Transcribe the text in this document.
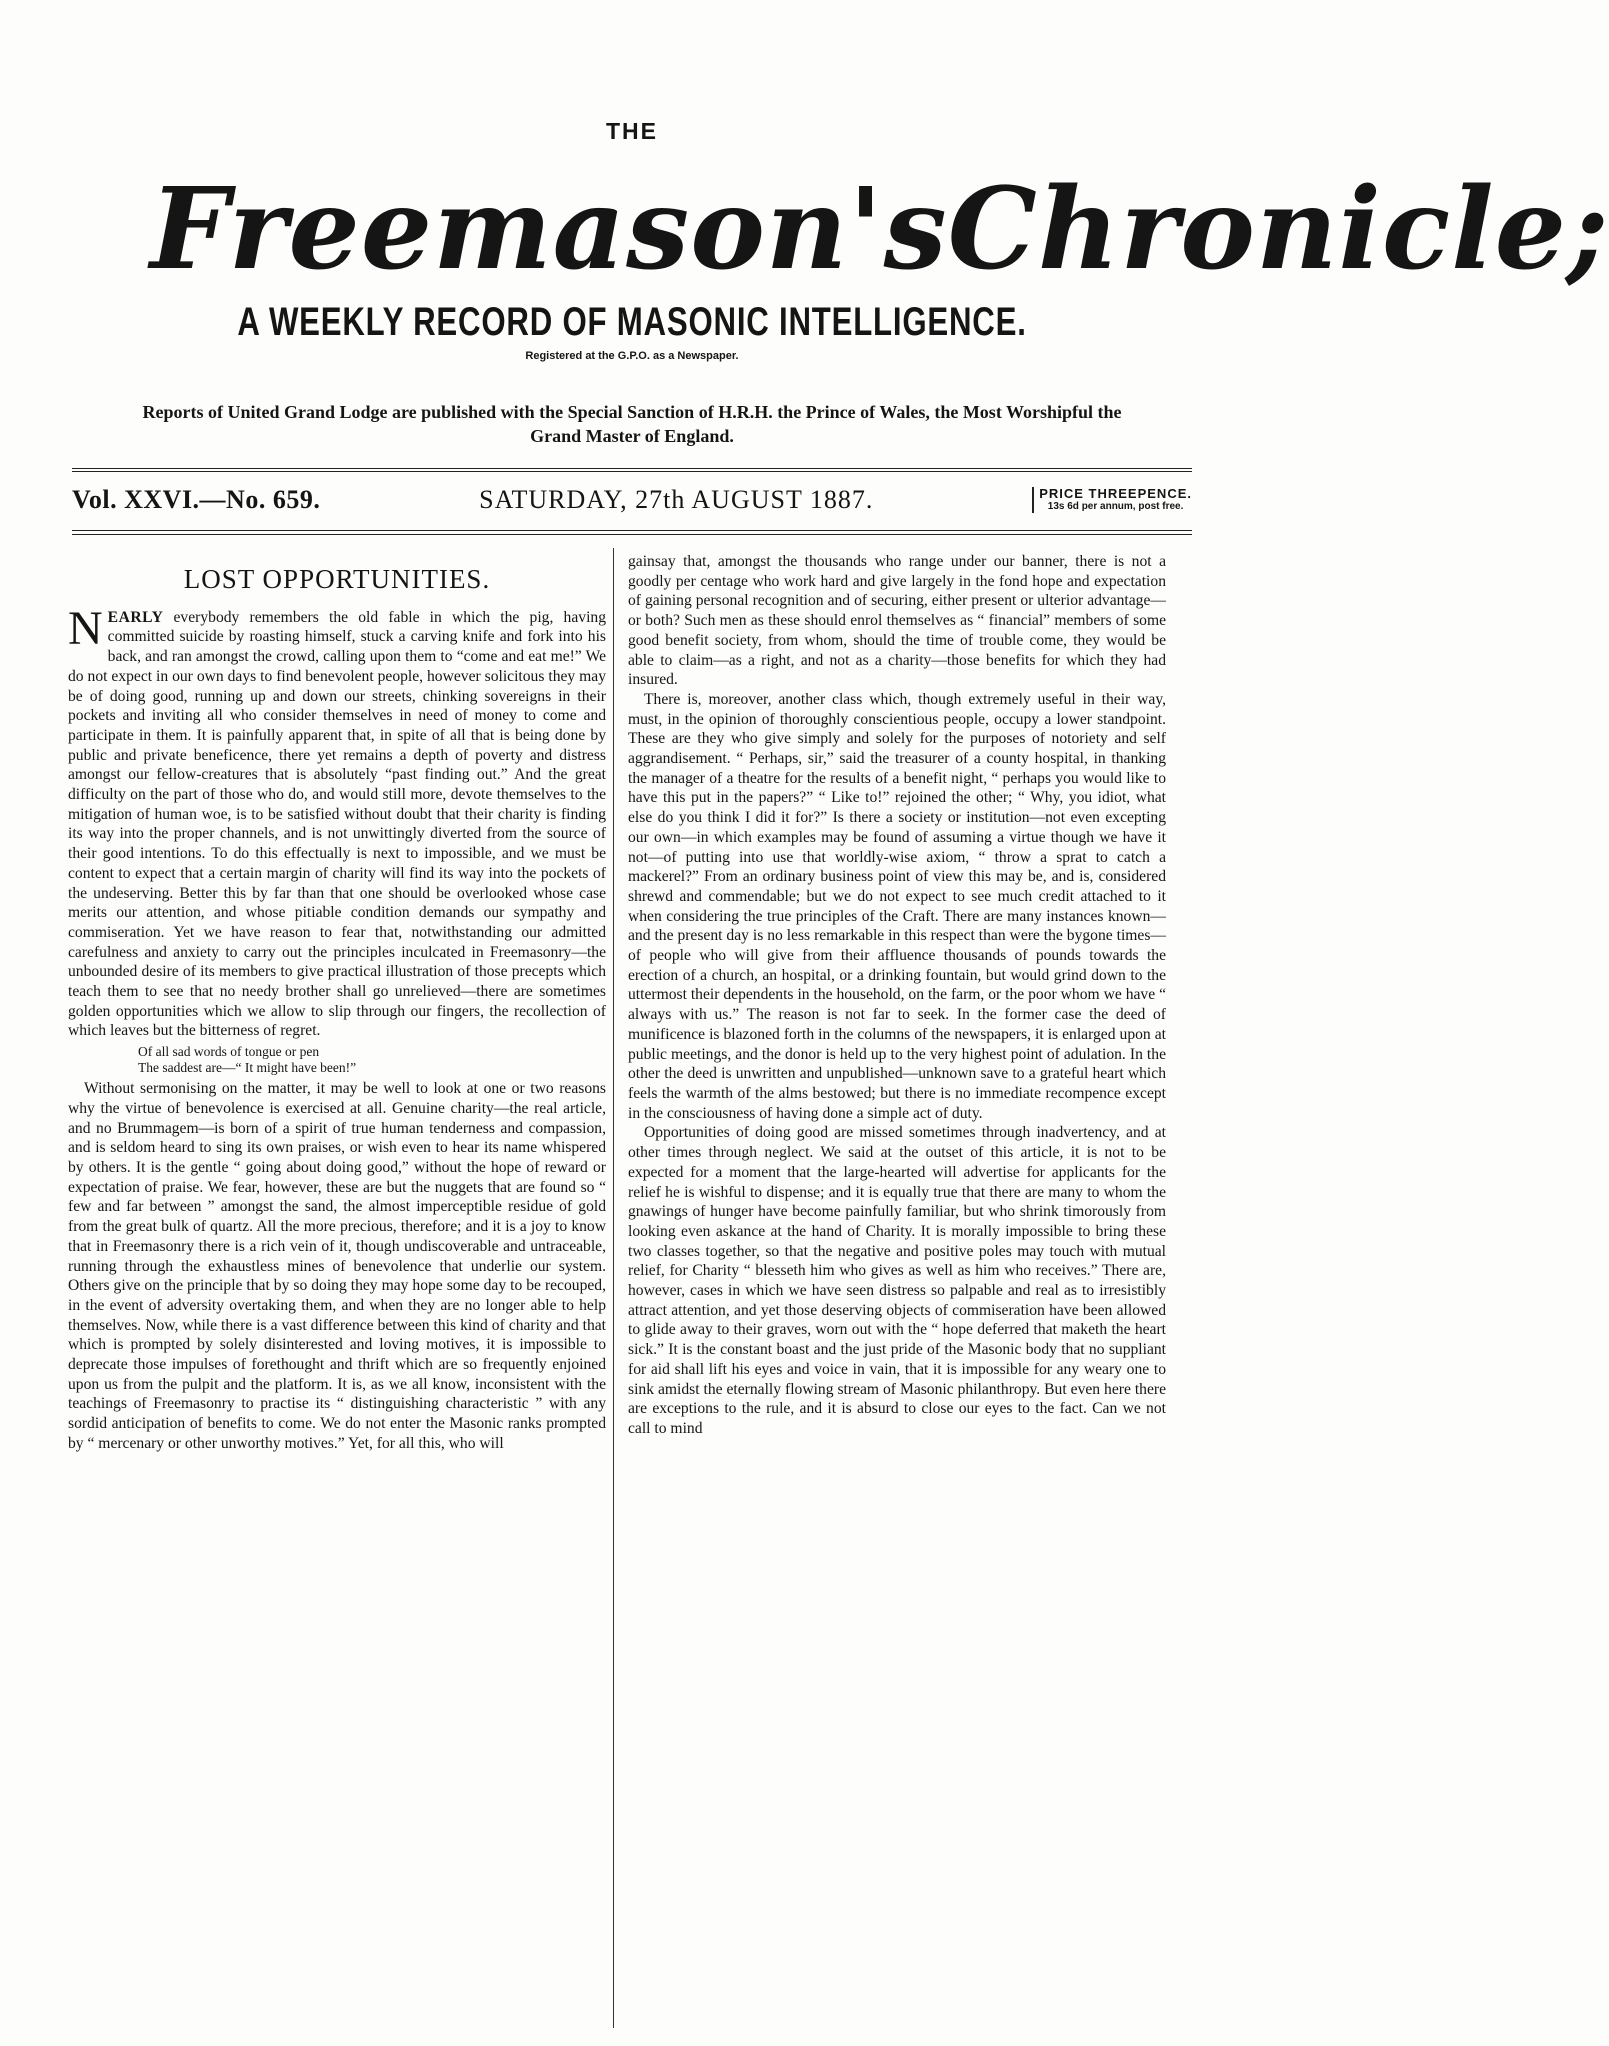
THE
Freemason's Chronicle;
A WEEKLY RECORD OF MASONIC INTELLIGENCE.
Registered at the G.P.O. as a Newspaper.
Reports of United Grand Lodge are published with the Special Sanction of H.R.H. the Prince of Wales, the Most Worshipful the Grand Master of England.
Vol. XXVI.—No. 659.	SATURDAY, 27th AUGUST 1887.	PRICE THREEPENCE.
13s 6d per annum, post free.
LOST OPPORTUNITIES.

NEARLY everybody remembers the old fable in which the pig, having committed suicide by roasting himself, stuck a carving knife and fork into his back, and ran amongst the crowd, calling upon them to “come and eat me!” We do not expect in our own days to find benevolent people, however solicitous they may be of doing good, running up and down our streets, chinking sovereigns in their pockets and inviting all who consider themselves in need of money to come and participate in them. It is painfully apparent that, in spite of all that is being done by public and private beneficence, there yet remains a depth of poverty and distress amongst our fellow-creatures that is absolutely “past finding out.” And the great difficulty on the part of those who do, and would still more, devote themselves to the mitigation of human woe, is to be satisfied without doubt that their charity is finding its way into the proper channels, and is not unwittingly diverted from the source of their good intentions. To do this effectually is next to impossible, and we must be content to expect that a certain margin of charity will find its way into the pockets of the undeserving. Better this by far than that one should be overlooked whose case merits our attention, and whose pitiable condition demands our sympathy and commiseration. Yet we have reason to fear that, notwithstanding our admitted carefulness and anxiety to carry out the principles inculcated in Freemasonry—the unbounded desire of its members to give practical illustration of those precepts which teach them to see that no needy brother shall go unrelieved—there are sometimes golden opportunities which we allow to slip through our fingers, the recollection of which leaves but the bitterness of regret.

Of all sad words of tongue or pen
The saddest are—“ It might have been!”

Without sermonising on the matter, it may be well to look at one or two reasons why the virtue of benevolence is exercised at all. Genuine charity—the real article, and no Brummagem—is born of a spirit of true human tenderness and compassion, and is seldom heard to sing its own praises, or wish even to hear its name whispered by others. It is the gentle “ going about doing good,” without the hope of reward or expectation of praise. We fear, however, these are but the nuggets that are found so “ few and far between ” amongst the sand, the almost imperceptible residue of gold from the great bulk of quartz. All the more precious, therefore; and it is a joy to know that in Freemasonry there is a rich vein of it, though undiscoverable and untraceable, running through the exhaustless mines of benevolence that underlie our system. Others give on the principle that by so doing they may hope some day to be recouped, in the event of adversity overtaking them, and when they are no longer able to help themselves. Now, while there is a vast difference between this kind of charity and that which is prompted by solely disinterested and loving motives, it is impossible to deprecate those impulses of forethought and thrift which are so frequently enjoined upon us from the pulpit and the platform. It is, as we all know, inconsistent with the teachings of Freemasonry to practise its “ distinguishing characteristic ” with any sordid anticipation of benefits to come. We do not enter the Masonic ranks prompted by “ mercenary or other unworthy motives.” Yet, for all this, who will

gainsay that, amongst the thousands who range under our banner, there is not a goodly per centage who work hard and give largely in the fond hope and expectation of gaining personal recognition and of securing, either present or ulterior advantage—or both? Such men as these should enrol themselves as “ financial” members of some good benefit society, from whom, should the time of trouble come, they would be able to claim—as a right, and not as a charity—those benefits for which they had insured.

There is, moreover, another class which, though extremely useful in their way, must, in the opinion of thoroughly conscientious people, occupy a lower standpoint. These are they who give simply and solely for the purposes of notoriety and self aggrandisement. “ Perhaps, sir,” said the treasurer of a county hospital, in thanking the manager of a theatre for the results of a benefit night, “ perhaps you would like to have this put in the papers?” “ Like to!” rejoined the other; “ Why, you idiot, what else do you think I did it for?” Is there a society or institution—not even excepting our own—in which examples may be found of assuming a virtue though we have it not—of putting into use that worldly-wise axiom, “ throw a sprat to catch a mackerel?” From an ordinary business point of view this may be, and is, considered shrewd and commendable; but we do not expect to see much credit attached to it when considering the true principles of the Craft. There are many instances known—and the present day is no less remarkable in this respect than were the bygone times—of people who will give from their affluence thousands of pounds towards the erection of a church, an hospital, or a drinking fountain, but would grind down to the uttermost their dependents in the household, on the farm, or the poor whom we have “ always with us.” The reason is not far to seek. In the former case the deed of munificence is blazoned forth in the columns of the newspapers, it is enlarged upon at public meetings, and the donor is held up to the very highest point of adulation. In the other the deed is unwritten and unpublished—unknown save to a grateful heart which feels the warmth of the alms bestowed; but there is no immediate recompence except in the consciousness of having done a simple act of duty.

Opportunities of doing good are missed sometimes through inadvertency, and at other times through neglect. We said at the outset of this article, it is not to be expected for a moment that the large-hearted will advertise for applicants for the relief he is wishful to dispense; and it is equally true that there are many to whom the gnawings of hunger have become painfully familiar, but who shrink timorously from looking even askance at the hand of Charity. It is morally impossible to bring these two classes together, so that the negative and positive poles may touch with mutual relief, for Charity “ blesseth him who gives as well as him who receives.” There are, however, cases in which we have seen distress so palpable and real as to irresistibly attract attention, and yet those deserving objects of commiseration have been allowed to glide away to their graves, worn out with the “ hope deferred that maketh the heart sick.” It is the constant boast and the just pride of the Masonic body that no suppliant for aid shall lift his eyes and voice in vain, that it is impossible for any weary one to sink amidst the eternally flowing stream of Masonic philanthropy. But even here there are exceptions to the rule, and it is absurd to close our eyes to the fact. Can we not call to mind
